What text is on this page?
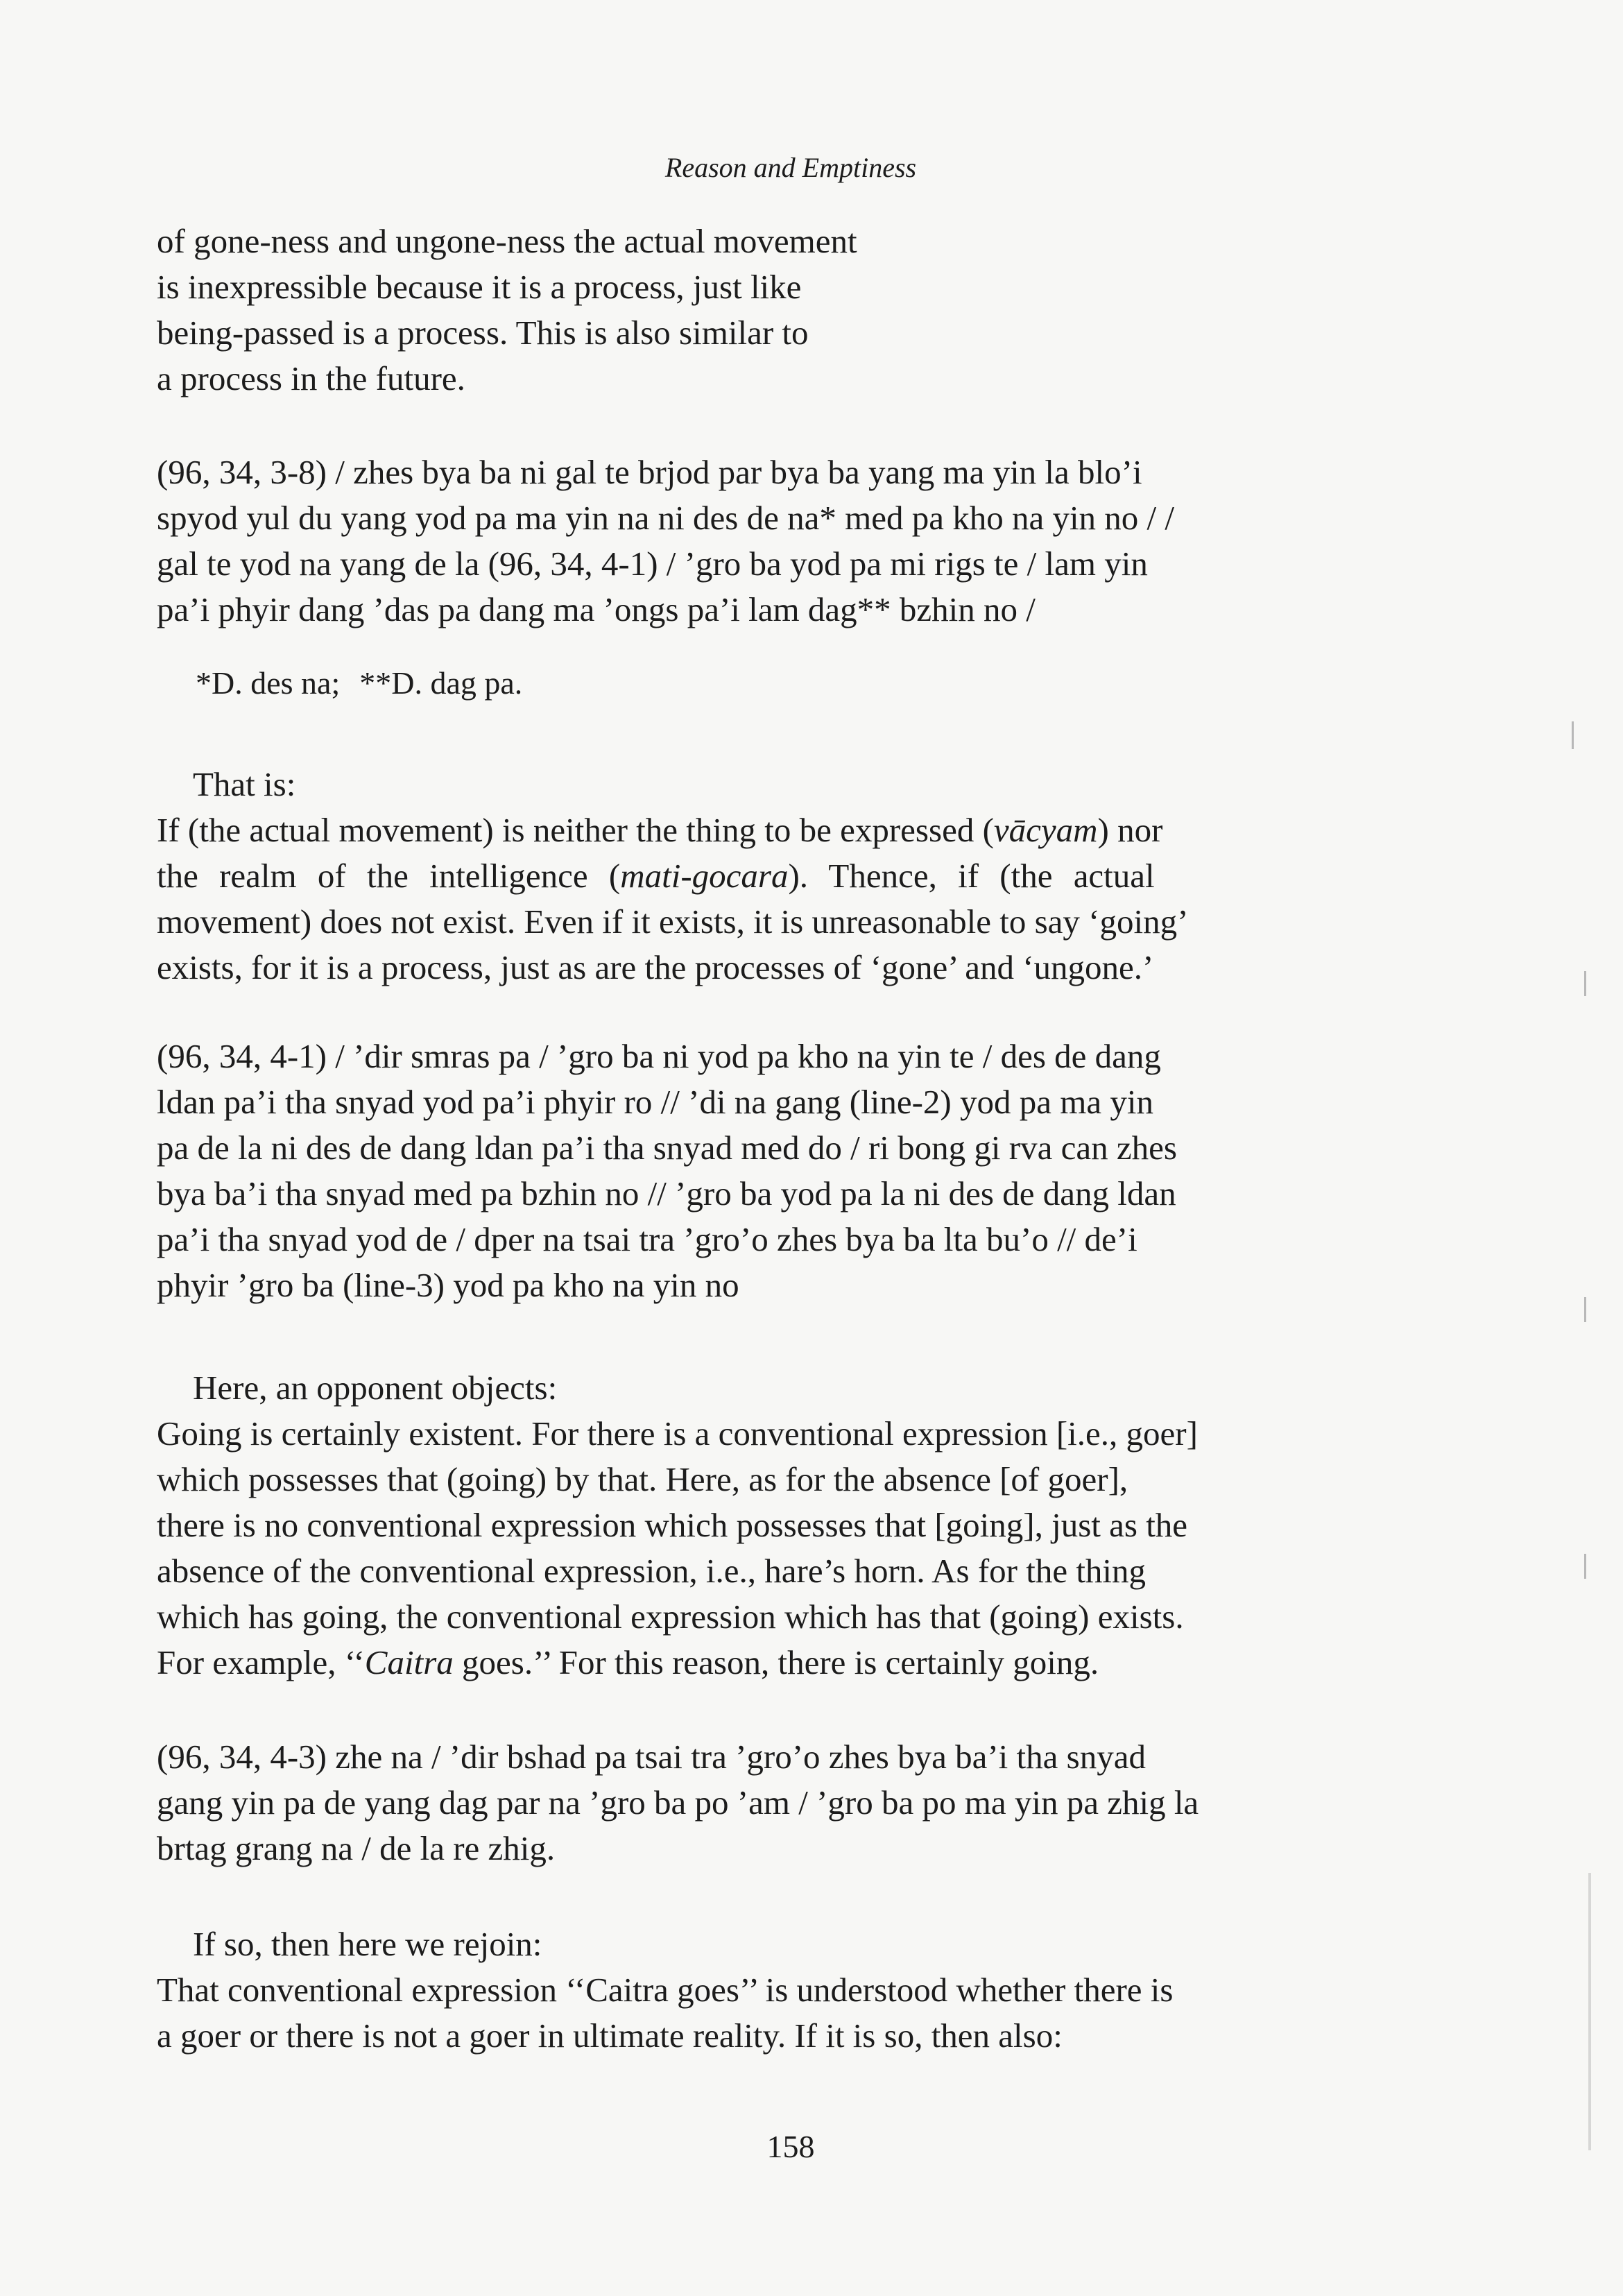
Reason and Emptiness
of gone-ness and ungone-ness the actual movement
is inexpressible because it is a process, just like
being-passed is a process. This is also similar to
a process in the future.
(96, 34, 3-8) / zhes bya ba ni gal te brjod par bya ba yang ma yin la blo’i
spyod yul du yang yod pa ma yin na ni des de na* med pa kho na yin no / /
gal te yod na yang de la (96, 34, 4-1) / ’gro ba yod pa mi rigs te / lam yin
pa’i phyir dang ’das pa dang ma ’ongs pa’i lam dag** bzhin no /
*D. des na; **D. dag pa.
That is:
If (the actual movement) is neither the thing to be expressed (vācyam) nor
the realm of the intelligence (mati-gocara). Thence, if (the actual
movement) does not exist. Even if it exists, it is unreasonable to say ‘going’
exists, for it is a process, just as are the processes of ‘gone’ and ‘ungone.’
(96, 34, 4-1) / ’dir smras pa / ’gro ba ni yod pa kho na yin te / des de dang
ldan pa’i tha snyad yod pa’i phyir ro // ’di na gang (line-2) yod pa ma yin
pa de la ni des de dang ldan pa’i tha snyad med do / ri bong gi rva can zhes
bya ba’i tha snyad med pa bzhin no // ’gro ba yod pa la ni des de dang ldan
pa’i tha snyad yod de / dper na tsai tra ’gro’o zhes bya ba lta bu’o // de’i
phyir ’gro ba (line-3) yod pa kho na yin no
Here, an opponent objects:
Going is certainly existent. For there is a conventional expression [i.e., goer]
which possesses that (going) by that. Here, as for the absence [of goer],
there is no conventional expression which possesses that [going], just as the
absence of the conventional expression, i.e., hare’s horn. As for the thing
which has going, the conventional expression which has that (going) exists.
For example, ‘‘Caitra goes.’’ For this reason, there is certainly going.
(96, 34, 4-3) zhe na / ’dir bshad pa tsai tra ’gro’o zhes bya ba’i tha snyad
gang yin pa de yang dag par na ’gro ba po ’am / ’gro ba po ma yin pa zhig la
brtag grang na / de la re zhig.
If so, then here we rejoin:
That conventional expression ‘‘Caitra goes’’ is understood whether there is
a goer or there is not a goer in ultimate reality. If it is so, then also:
158
